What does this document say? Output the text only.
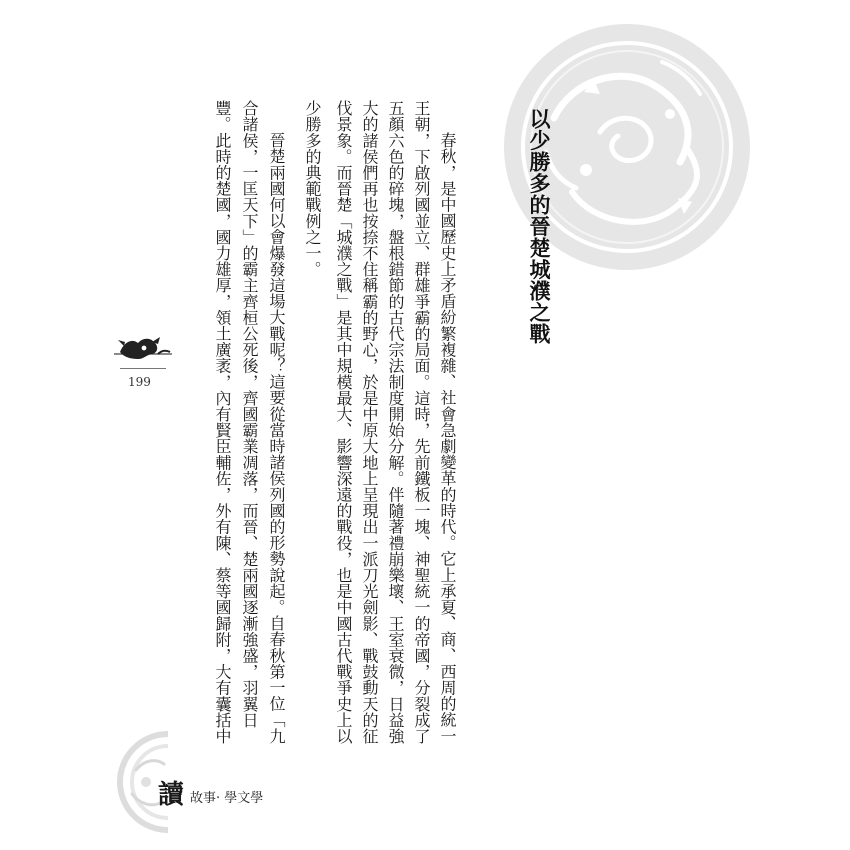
以少勝多的晉楚城濮之戰
春秋，是中國歷史上矛盾紛繁複雜、社會急劇變革的時代。它上承夏、商、西周的統一
王朝，下啟列國並立、群雄爭霸的局面。這時，先前鐵板一塊、神聖統一的帝國，分裂成了
五顏六色的碎塊，盤根錯節的古代宗法制度開始分解。伴隨著禮崩樂壞、王室衰微，日益強
大的諸侯們再也按捺不住稱霸的野心，於是中原大地上呈現出一派刀光劍影、戰鼓動天的征
伐景象。而晉楚「城濮之戰」是其中規模最大、影響深遠的戰役，也是中國古代戰爭史上以
少勝多的典範戰例之一。
晉楚兩國何以會爆發這場大戰呢？這要從當時諸侯列國的形勢說起。自春秋第一位「九
合諸侯，一匡天下」的霸主齊桓公死後，齊國霸業凋落，而晉、楚兩國逐漸強盛，羽翼日
豐。此時的楚國，國力雄厚，領土廣袤，內有賢臣輔佐，外有陳、蔡等國歸附，大有囊括中
199
讀 故事· 學文學
